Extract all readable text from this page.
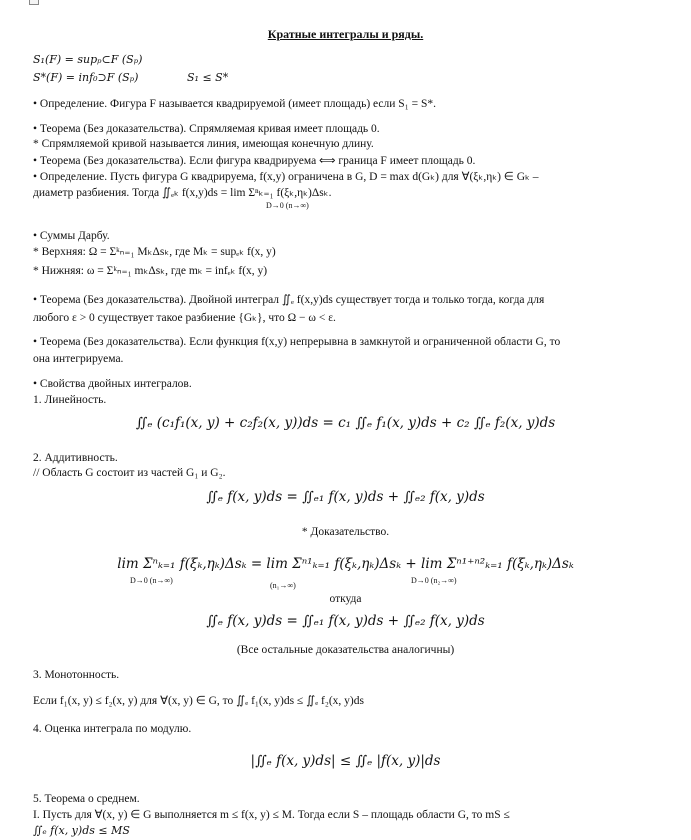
Кратные интегралы и ряды.
S₁(F) = supₚ⊂F (Sₚ)
S*(F) = inf₀⊃F (Sₚ)	S₁ ≤ S*
• Определение. Фигура F называется квадрируемой (имеет площадь) если S₁ = S*.
• Теорема (Без доказательства). Спрямляемая кривая имеет площадь 0.
* Спрямляемой кривой называется линия, имеющая конечную длину.
• Теорема (Без доказательства). Если фигура квадрируема ⟺ граница F имеет площадь 0.
• Определение. Пусть фигура G квадрируема, f(x,y) ограничена в G, D = max d(Gₖ) для ∀(ξₖ,ηₖ) ∈ Gₖ –
диаметр разбиения. Тогда ∬ₑₖ f(x,y)ds = lim Σⁿₖ₌₁ f(ξₖ,ηₖ)Δsₖ.
D→0 (n→∞)
• Суммы Дарбу.
* Верхняя: Ω = Σᵏₙ₌₁ MₖΔsₖ, где Mₖ = supₑₖ f(x, y)
* Нижняя: ω = Σᵏₙ₌₁ mₖΔsₖ, где mₖ = infₑₖ f(x, y)
• Теорема (Без доказательства). Двойной интеграл ∬ₑ f(x,y)ds существует тогда и только тогда, когда для
любого ε > 0 существует такое разбиение {Gₖ}, что Ω − ω < ε.
• Теорема (Без доказательства). Если функция f(x,y) непрерывна в замкнутой и ограниченной области G, то
она интегрируема.
• Свойства двойных интегралов.
1. Линейность.
∬ₑ (c₁f₁(x, y) + c₂f₂(x, y))ds = c₁ ∬ₑ f₁(x, y)ds + c₂ ∬ₑ f₂(x, y)ds
2. Аддитивность.
// Область G состоит из частей G₁ и G₂.
∬ₑ f(x, y)ds = ∬ₑ₁ f(x, y)ds + ∬ₑ₂ f(x, y)ds
* Доказательство.
lim Σⁿₖ₌₁ f(ξₖ,ηₖ)Δsₖ = lim Σⁿ¹ₖ₌₁ f(ξₖ,ηₖ)Δsₖ + lim Σⁿ¹⁺ⁿ²ₖ₌₁ f(ξₖ,ηₖ)Δsₖ
D→0 (n→∞)
(n₁→∞)
D→0 (n₂→∞)
откуда
∬ₑ f(x, y)ds = ∬ₑ₁ f(x, y)ds + ∬ₑ₂ f(x, y)ds
(Все остальные доказательства аналогичны)
3. Монотонность.
Если f₁(x, y) ≤ f₂(x, y) для ∀(x, y) ∈ G, то ∬ₑ f₁(x, y)ds ≤ ∬ₑ f₂(x, y)ds
4. Оценка интеграла по модулю.
|∬ₑ f(x, y)ds| ≤ ∬ₑ |f(x, y)|ds
5. Теорема о среднем.
I. Пусть для ∀(x, y) ∈ G выполняется m ≤ f(x, y) ≤ M. Тогда если S – площадь области G, то mS ≤
∬ₑ f(x, y)ds ≤ MS
